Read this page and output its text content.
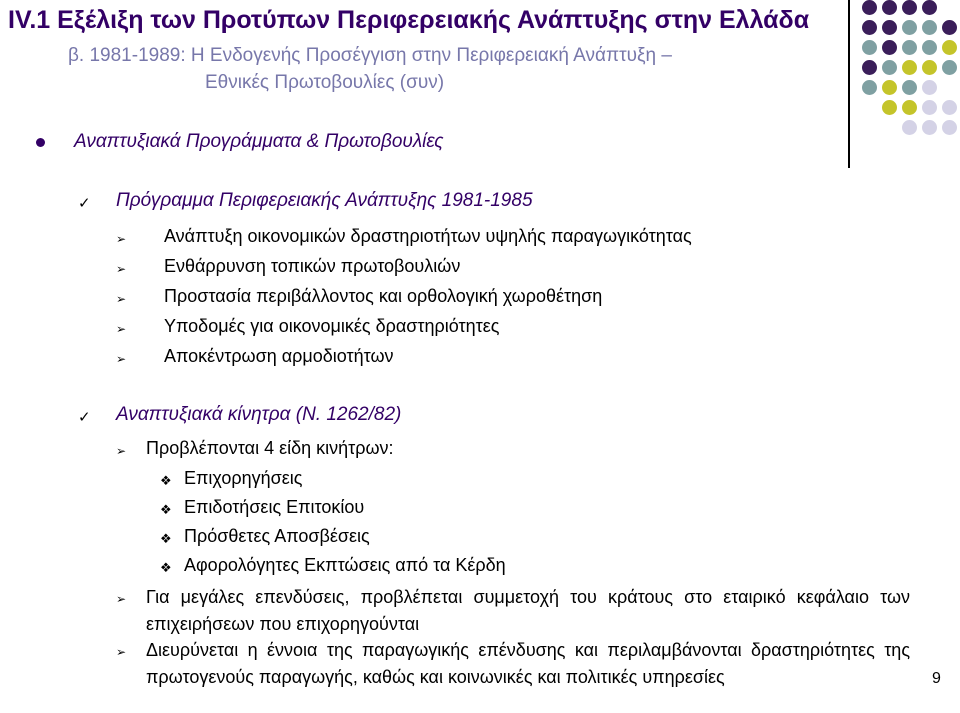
IV.1 Εξέλιξη των Προτύπων Περιφερειακής Ανάπτυξης στην Ελλάδα
β. 1981-1989: Η Ενδογενής Προσέγγιση στην Περιφερειακή Ανάπτυξη –
Εθνικές Πρωτοβουλίες (συν)
Αναπτυξιακά Προγράμματα & Πρωτοβουλίες
✓ Πρόγραμμα Περιφερειακής Ανάπτυξης 1981-1985
➢ Ανάπτυξη οικονομικών δραστηριοτήτων υψηλής παραγωγικότητας
➢ Ενθάρρυνση τοπικών πρωτοβουλιών
➢ Προστασία περιβάλλοντος και ορθολογική χωροθέτηση
➢ Υποδομές για οικονομικές δραστηριότητες
➢ Αποκέντρωση αρμοδιοτήτων
✓ Αναπτυξιακά κίνητρα (Ν. 1262/82)
➢ Προβλέπονται 4 είδη κινήτρων:
❖ Επιχορηγήσεις
❖ Επιδοτήσεις Επιτοκίου
❖ Πρόσθετες Αποσβέσεις
❖ Αφορολόγητες Εκπτώσεις από τα Κέρδη
➢ Για μεγάλες επενδύσεις, προβλέπεται συμμετοχή του κράτους στο εταιρικό κεφάλαιο των επιχειρήσεων που επιχορηγούνται
➢ Διευρύνεται η έννοια της παραγωγικής επένδυσης και περιλαμβάνονται δραστηριότητες της πρωτογενούς παραγωγής, καθώς και κοινωνικές και πολιτικές υπηρεσίες	9
